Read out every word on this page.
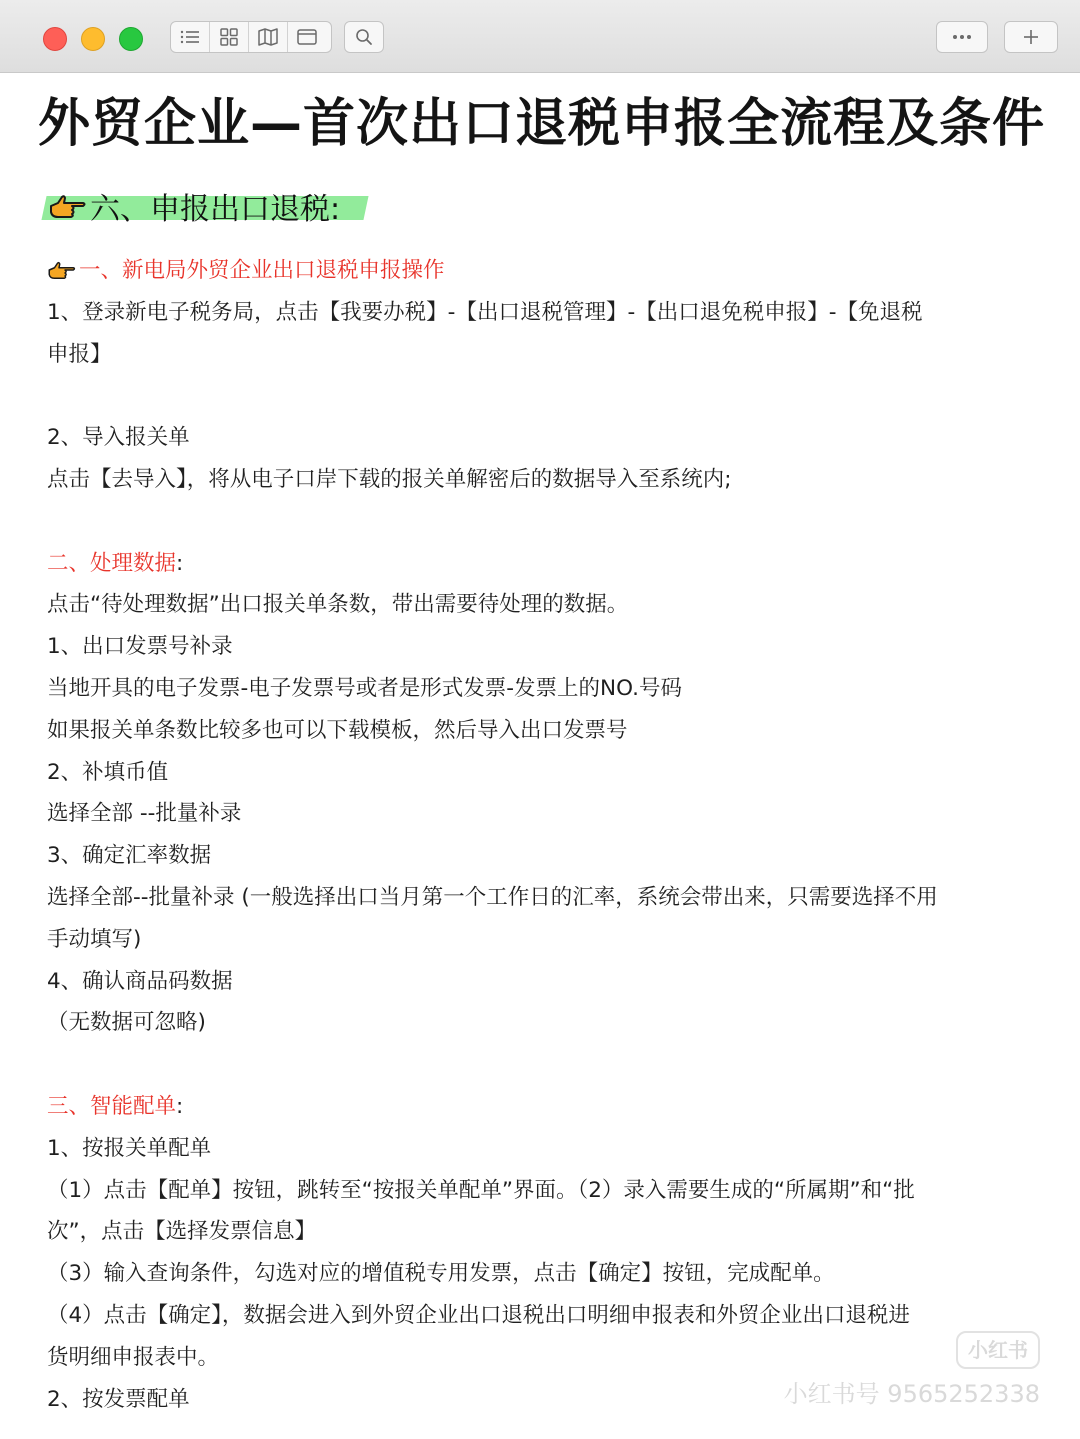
外贸企业—首次出口退税申报全流程及条件
六、申报出口退税:
一、新电局外贸企业出口退税申报操作
1、登录新电子税务局，点击【我要办税】-【出口退税管理】-【出口退免税申报】-【免退税
申报】
2、导入报关单
点击【去导入】，将从电子口岸下载的报关单解密后的数据导入至系统内;
二、处理数据:
点击“待处理数据”出口报关单条数，带出需要待处理的数据。
1、出口发票号补录
当地开具的电子发票-电子发票号或者是形式发票-发票上的NO.号码
如果报关单条数比较多也可以下载模板，然后导入出口发票号
2、补填币值
选择全部 --批量补录
3、确定汇率数据
选择全部--批量补录 (一般选择出口当月第一个工作日的汇率，系统会带出来，只需要选择不用
手动填写)
4、确认商品码数据
（无数据可忽略)
三、智能配单:
1、按报关单配单
（1）点击【配单】按钮，跳转至“按报关单配单”界面。（2）录入需要生成的“所属期”和“批
次”，点击【选择发票信息】
（3）输入查询条件，勾选对应的增值税专用发票，点击【确定】按钮，完成配单。
（4）点击【确定】，数据会进入到外贸企业出口退税出口明细申报表和外贸企业出口退税进
货明细申报表中。
2、按发票配单
小红书
小红书号 9565252338
